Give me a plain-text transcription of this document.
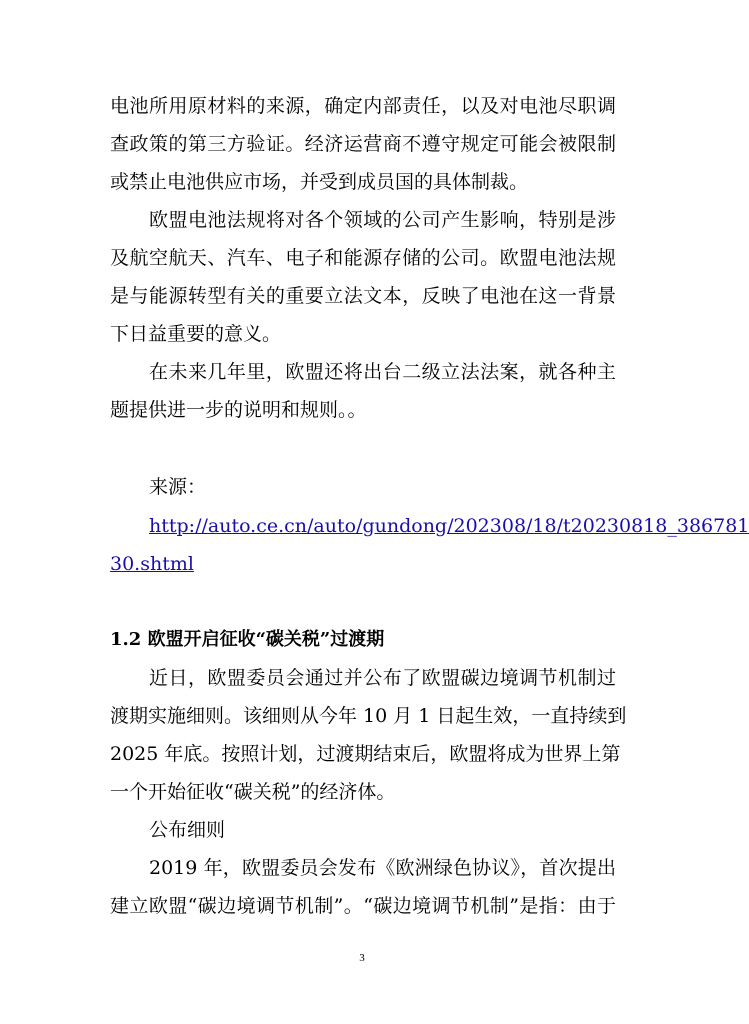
电池所用原材料的来源，确定内部责任，以及对电池尽职调
查政策的第三方验证。经济运营商不遵守规定可能会被限制
或禁止电池供应市场，并受到成员国的具体制裁。
欧盟电池法规将对各个领域的公司产生影响，特别是涉
及航空航天、汽车、电子和能源存储的公司。欧盟电池法规
是与能源转型有关的重要立法文本，反映了电池在这一背景
下日益重要的意义。
在未来几年里，欧盟还将出台二级立法法案，就各种主
题提供进一步的说明和规则。。
来源：
http://auto.ce.cn/auto/gundong/202308/18/t20230818_386781
30.shtml
1.2 欧盟开启征收“碳关税”过渡期
近日，欧盟委员会通过并公布了欧盟碳边境调节机制过
渡期实施细则。该细则从今年 10 月 1 日起生效，一直持续到
2025 年底。按照计划，过渡期结束后，欧盟将成为世界上第
一个开始征收“碳关税”的经济体。
公布细则
2019 年，欧盟委员会发布《欧洲绿色协议》，首次提出
建立欧盟“碳边境调节机制”。“碳边境调节机制”是指：由于
3
